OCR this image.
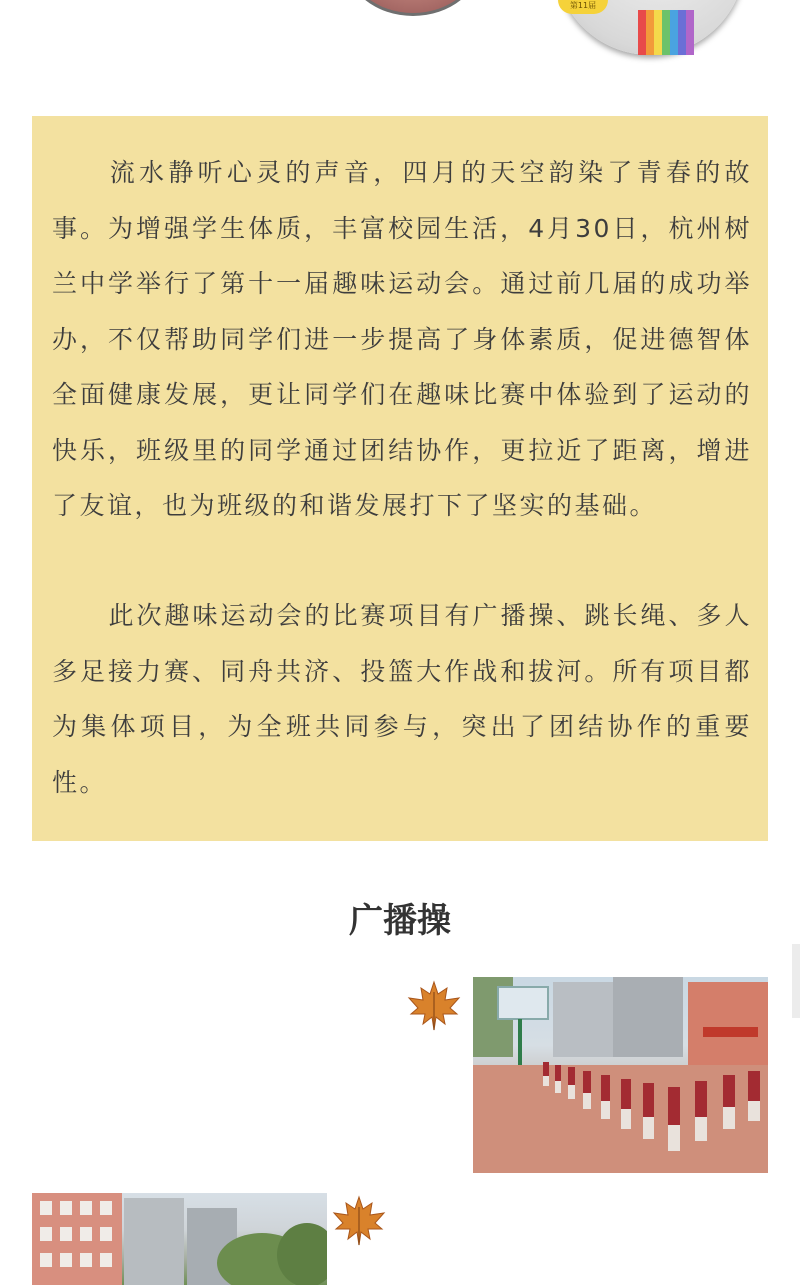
第11届

流水静听心灵的声音，四月的天空韵染了青春的故事。为增强学生体质，丰富校园生活，4月30日，杭州树兰中学举行了第十一届趣味运动会。通过前几届的成功举办，不仅帮助同学们进一步提高了身体素质，促进德智体全面健康发展，更让同学们在趣味比赛中体验到了运动的快乐，班级里的同学通过团结协作，更拉近了距离，增进了友谊，也为班级的和谐发展打下了坚实的基础。

此次趣味运动会的比赛项目有广播操、跳长绳、多人多足接力赛、同舟共济、投篮大作战和拔河。所有项目都为集体项目，为全班共同参与，突出了团结协作的重要性。

广播操
